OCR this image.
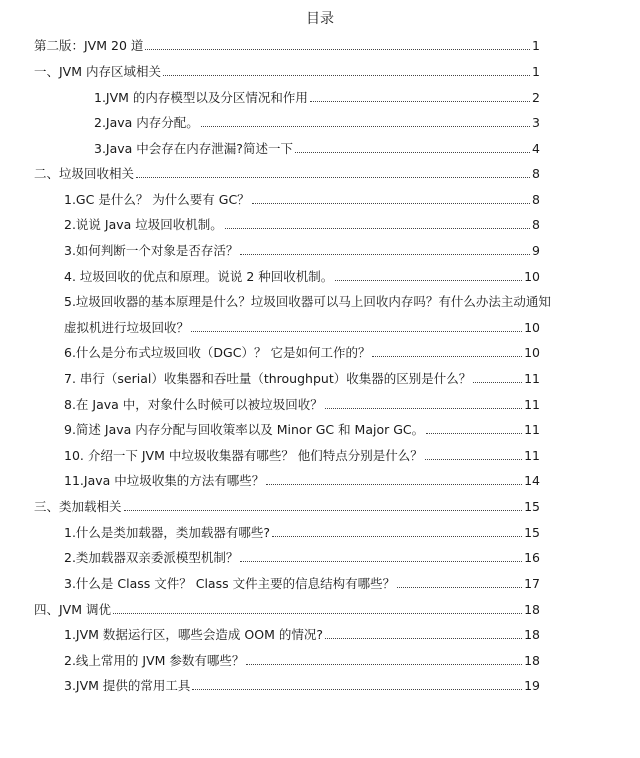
目录
第二版：JVM 20 道	1
一、JVM 内存区域相关	1
1.JVM 的内存模型以及分区情况和作用	2
2.Java 内存分配。	3
3.Java 中会存在内存泄漏?简述一下	4
二、垃圾回收相关	8
1.GC 是什么？ 为什么要有 GC？	8
2.说说 Java 垃圾回收机制。	8
3.如何判断一个对象是否存活？	9
4. 垃圾回收的优点和原理。说说 2 种回收机制。	10
5.垃圾回收器的基本原理是什么？垃圾回收器可以马上回收内存吗？有什么办法主动通知
虚拟机进行垃圾回收？	10
6.什么是分布式垃圾回收（DGC）？ 它是如何工作的？	10
7. 串行（serial）收集器和吞吐量（throughput）收集器的区别是什么？	11
8.在 Java 中，对象什么时候可以被垃圾回收？	11
9.简述 Java 内存分配与回收策率以及 Minor GC 和 Major GC。	11
10. 介绍一下 JVM 中垃圾收集器有哪些？ 他们特点分别是什么？	11
11.Java 中垃圾收集的方法有哪些？	14
三、类加载相关	15
1.什么是类加载器，类加载器有哪些?	15
2.类加载器双亲委派模型机制？	16
3.什么是 Class 文件？ Class 文件主要的信息结构有哪些？	17
四、JVM 调优	18
1.JVM 数据运行区，哪些会造成 OOM 的情况?	18
2.线上常用的 JVM 参数有哪些？	18
3.JVM 提供的常用工具	19
